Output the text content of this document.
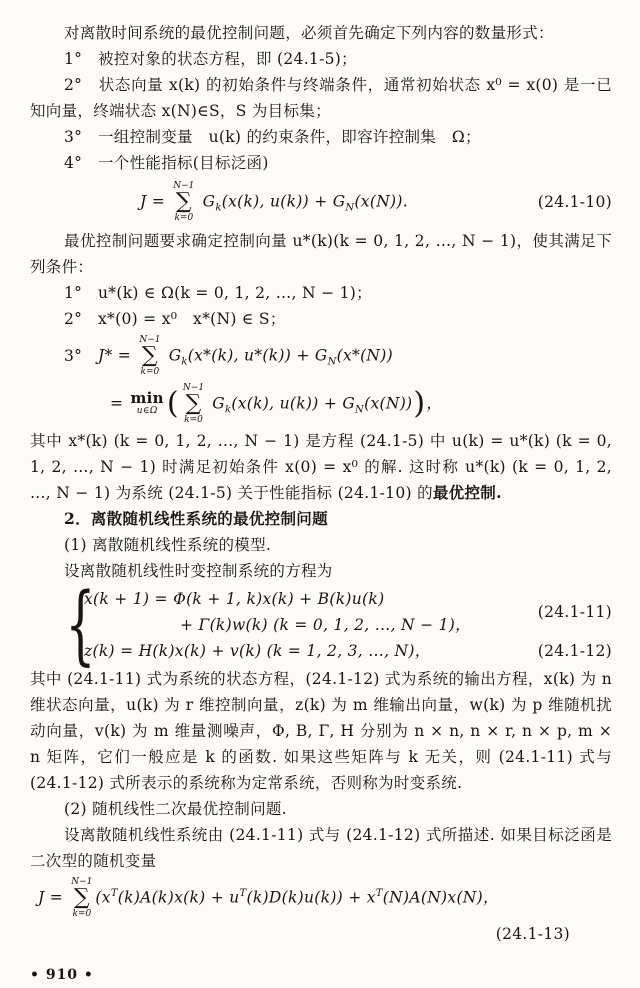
对离散时间系统的最优控制问题，必须首先确定下列内容的数量形式：

1°　被控对象的状态方程，即 (24.1-5)；

2°　状态向量 x(k) 的初始条件与终端条件，通常初始状态 x⁰ = x(0) 是一已知向量，终端状态 x(N)∈S，S 为目标集；

3°　一组控制变量　u(k) 的约束条件，即容许控制集　Ω；

4°　一个性能指标(目标泛函)

J =
N−1
∑
k=0
$G_k(x(k)$, $u(k)) + G_N(x(N))$.	(24.1-10)

最优控制问题要求确定控制向量 u*(k)(k = 0, 1, 2, …, N − 1)，使其满足下列条件：

1°　u*(k) ∈ Ω(k = 0, 1, 2, …, N − 1)；

2°　x*(0) = x⁰　x*(N) ∈ S；

3°　 J* =
N−1
∑
k=0
$G_k(x*(k)$, $u*(k)) + G_N(x*(N))$
= min
u∈Ω ( N−1
∑
k=0
$G_k(x(k)$, $u(k)) + G_N(x(N))$)，

其中 x*(k) (k = 0, 1, 2, …, N − 1) 是方程 (24.1-5) 中 u(k) = u*(k) (k = 0, 1, 2, …, N − 1) 时满足初始条件 x(0) = x⁰ 的解. 这时称 u*(k) (k = 0, 1, 2, …, N − 1) 为系统 (24.1-5) 关于性能指标 (24.1-10) 的最优控制.

2．离散随机线性系统的最优控制问题

(1) 离散随机线性系统的模型.

设离散随机线性时变控制系统的方程为

{
x(k + 1) = Φ(k + 1, k)x(k) + B(k)u(k)
+ Γ(k)w(k) (k = 0, 1, 2, …, N − 1)，
z(k) = H(k)x(k) + v(k) (k = 1, 2, 3, …, N)，
(24.1-11)
(24.1-12)

其中 (24.1-11) 式为系统的状态方程，(24.1-12) 式为系统的输出方程，x(k) 为 n 维状态向量，u(k) 为 r 维控制向量，z(k) 为 m 维输出向量，w(k) 为 p 维随机扰动向量，v(k) 为 m 维量测噪声，Φ, B, Γ, H 分别为 n × n, n × r, n × p, m × n 矩阵，它们一般应是 k 的函数. 如果这些矩阵与 k 无关，则 (24.1-11) 式与 (24.1-12) 式所表示的系统称为定常系统，否则称为时变系统.

(2) 随机线性二次最优控制问题.

设离散随机线性系统由 (24.1-11) 式与 (24.1-12) 式所描述. 如果目标泛函是二次型的随机变量

J =
N−1
∑
k=0
$(x^T(k)A(k)x(k) + u^T(k)D(k)u(k)) + x^T(N)A(N)x(N)$，
(24.1-13)
• 910 •
